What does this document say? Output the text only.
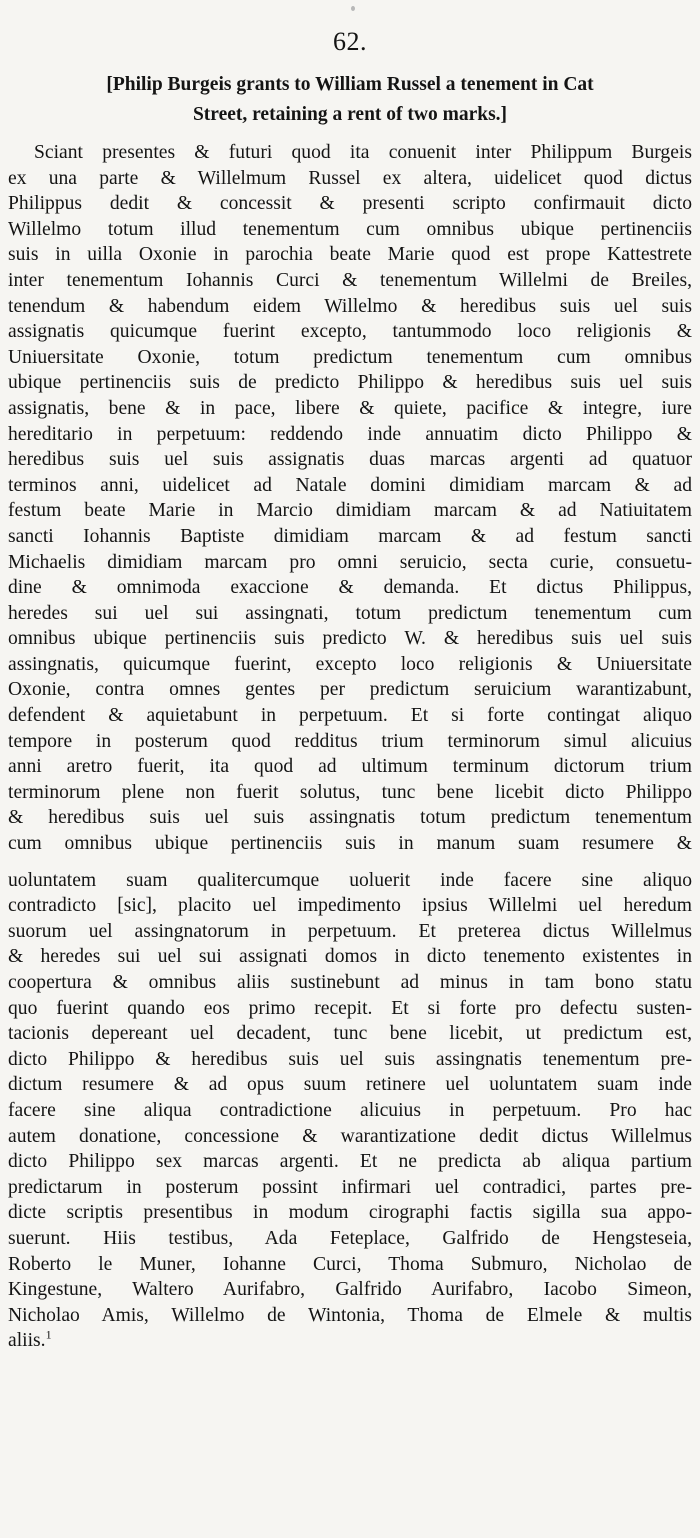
62.
[Philip Burgeis grants to William Russel a tenement in Cat
Street, retaining a rent of two marks.]
Sciant presentes & futuri quod ita conuenit inter Philippum Burgeis
ex una parte & Willelmum Russel ex altera, uidelicet quod dictus
Philippus dedit & concessit & presenti scripto confirmauit dicto
Willelmo totum illud tenementum cum omnibus ubique pertinenciis
suis in uilla Oxonie in parochia beate Marie quod est prope Kattestrete
inter tenementum Iohannis Curci & tenementum Willelmi de Breiles,
tenendum & habendum eidem Willelmo & heredibus suis uel suis
assignatis quicumque fuerint excepto, tantummodo loco religionis &
Uniuersitate Oxonie, totum predictum tenementum cum omnibus
ubique pertinenciis suis de predicto Philippo & heredibus suis uel suis
assignatis, bene & in pace, libere & quiete, pacifice & integre, iure
hereditario in perpetuum: reddendo inde annuatim dicto Philippo &
heredibus suis uel suis assignatis duas marcas argenti ad quatuor
terminos anni, uidelicet ad Natale domini dimidiam marcam & ad
festum beate Marie in Marcio dimidiam marcam & ad Natiuitatem
sancti Iohannis Baptiste dimidiam marcam & ad festum sancti
Michaelis dimidiam marcam pro omni seruicio, secta curie, consuetu-
dine & omnimoda exaccione & demanda. Et dictus Philippus,
heredes sui uel sui assingnati, totum predictum tenementum cum
omnibus ubique pertinenciis suis predicto W. & heredibus suis uel suis
assingnatis, quicumque fuerint, excepto loco religionis & Uniuersitate
Oxonie, contra omnes gentes per predictum seruicium warantizabunt,
defendent & aquietabunt in perpetuum. Et si forte contingat aliquo
tempore in posterum quod redditus trium terminorum simul alicuius
anni aretro fuerit, ita quod ad ultimum terminum dictorum trium
terminorum plene non fuerit solutus, tunc bene licebit dicto Philippo
& heredibus suis uel suis assingnatis totum predictum tenementum
cum omnibus ubique pertinenciis suis in manum suam resumere &
uoluntatem suam qualitercumque uoluerit inde facere sine aliquo
contradicto [sic], placito uel impedimento ipsius Willelmi uel heredum
suorum uel assingnatorum in perpetuum. Et preterea dictus Willelmus
& heredes sui uel sui assignati domos in dicto tenemento existentes in
coopertura & omnibus aliis sustinebunt ad minus in tam bono statu
quo fuerint quando eos primo recepit. Et si forte pro defectu susten-
tacionis depereant uel decadent, tunc bene licebit, ut predictum est,
dicto Philippo & heredibus suis uel suis assingnatis tenementum pre-
dictum resumere & ad opus suum retinere uel uoluntatem suam inde
facere sine aliqua contradictione alicuius in perpetuum. Pro hac
autem donatione, concessione & warantizatione dedit dictus Willelmus
dicto Philippo sex marcas argenti. Et ne predicta ab aliqua partium
predictarum in posterum possint infirmari uel contradici, partes pre-
dicte scriptis presentibus in modum cirographi factis sigilla sua appo-
suerunt. Hiis testibus, Ada Feteplace, Galfrido de Hengsteseia,
Roberto le Muner, Iohanne Curci, Thoma Submuro, Nicholao de
Kingestune, Waltero Aurifabro, Galfrido Aurifabro, Iacobo Simeon,
Nicholao Amis, Willelmo de Wintonia, Thoma de Elmele & multis
aliis.$^1$
